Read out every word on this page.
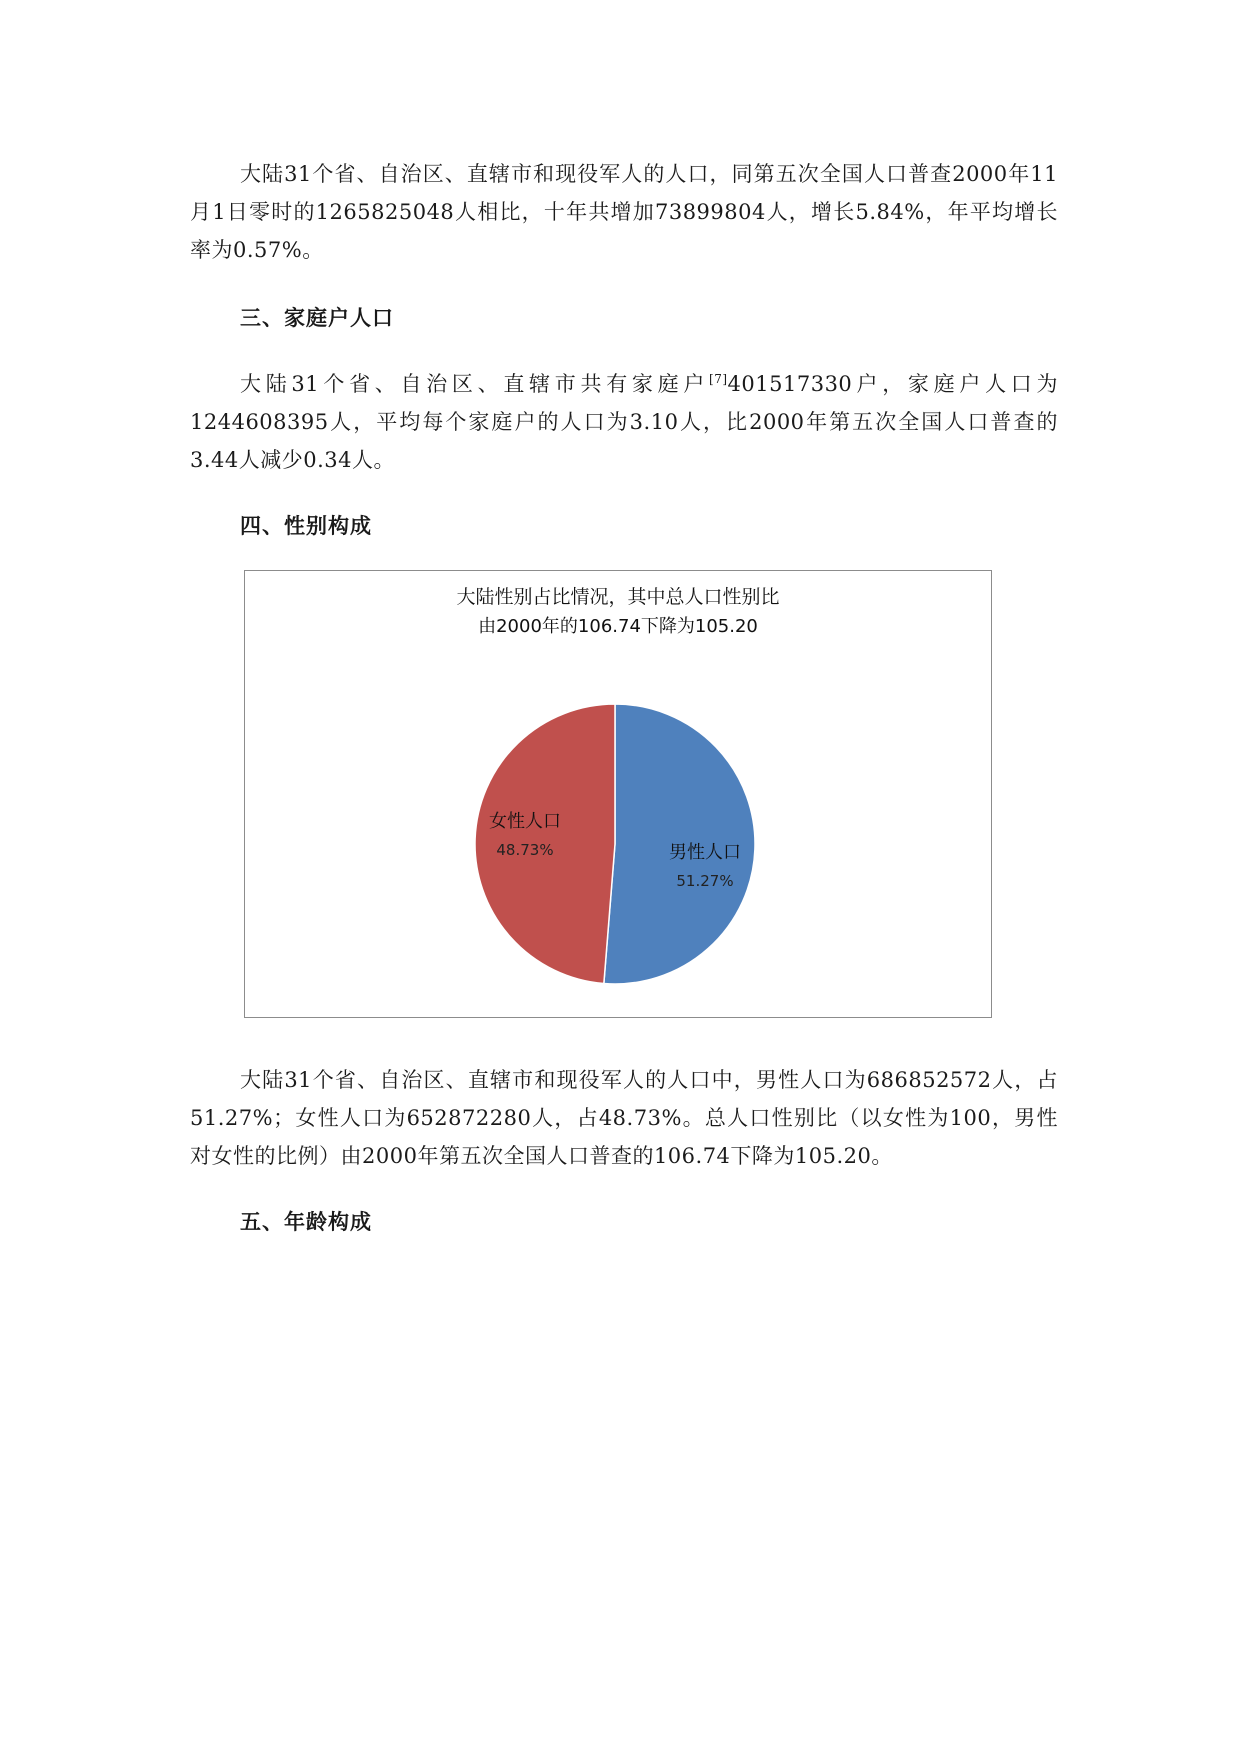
大陆31个省、自治区、直辖市和现役军人的人口，同第五次全国人口普查2000年11月1日零时的1265825048人相比，十年共增加73899804人，增长5.84%，年平均增长率为0.57%。

三、家庭户人口

大陆31个省、自治区、直辖市共有家庭户[7]401517330户，家庭户人口为1244608395人，平均每个家庭户的人口为3.10人，比2000年第五次全国人口普查的3.44人减少0.34人。

四、性别构成

大陆性别占比情况，其中总人口性别比
由2000年的106.74下降为105.20
男性人口
51.27%
女性人口
48.73%

大陆31个省、自治区、直辖市和现役军人的人口中，男性人口为686852572人，占51.27%；女性人口为652872280人，占48.73%。总人口性别比（以女性为100，男性对女性的比例）由2000年第五次全国人口普查的106.74下降为105.20。

五、年龄构成
